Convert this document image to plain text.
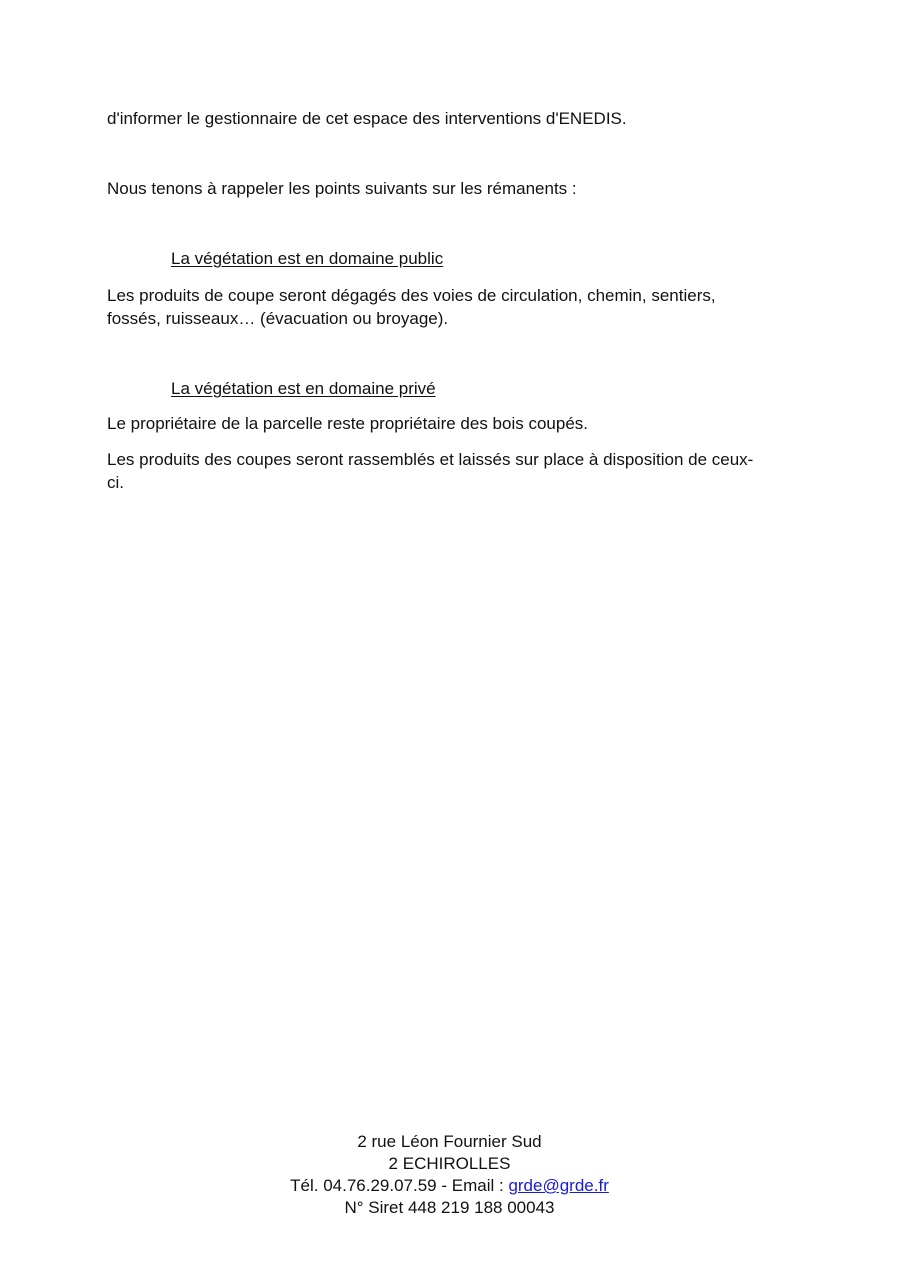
d'informer le gestionnaire de cet espace des interventions d'ENEDIS.
Nous tenons à rappeler les points suivants sur les rémanents :
La végétation est en domaine public
Les produits de coupe seront dégagés des voies de circulation, chemin, sentiers,
fossés, ruisseaux… (évacuation ou broyage).
La végétation est en domaine privé
Le propriétaire de la parcelle reste propriétaire des bois coupés.
Les produits des coupes seront rassemblés et laissés sur place à disposition de ceux-
ci.
2 rue Léon Fournier Sud
2 ECHIROLLES
Tél. 04.76.29.07.59 - Email : grde@grde.fr
N° Siret 448 219 188 00043
